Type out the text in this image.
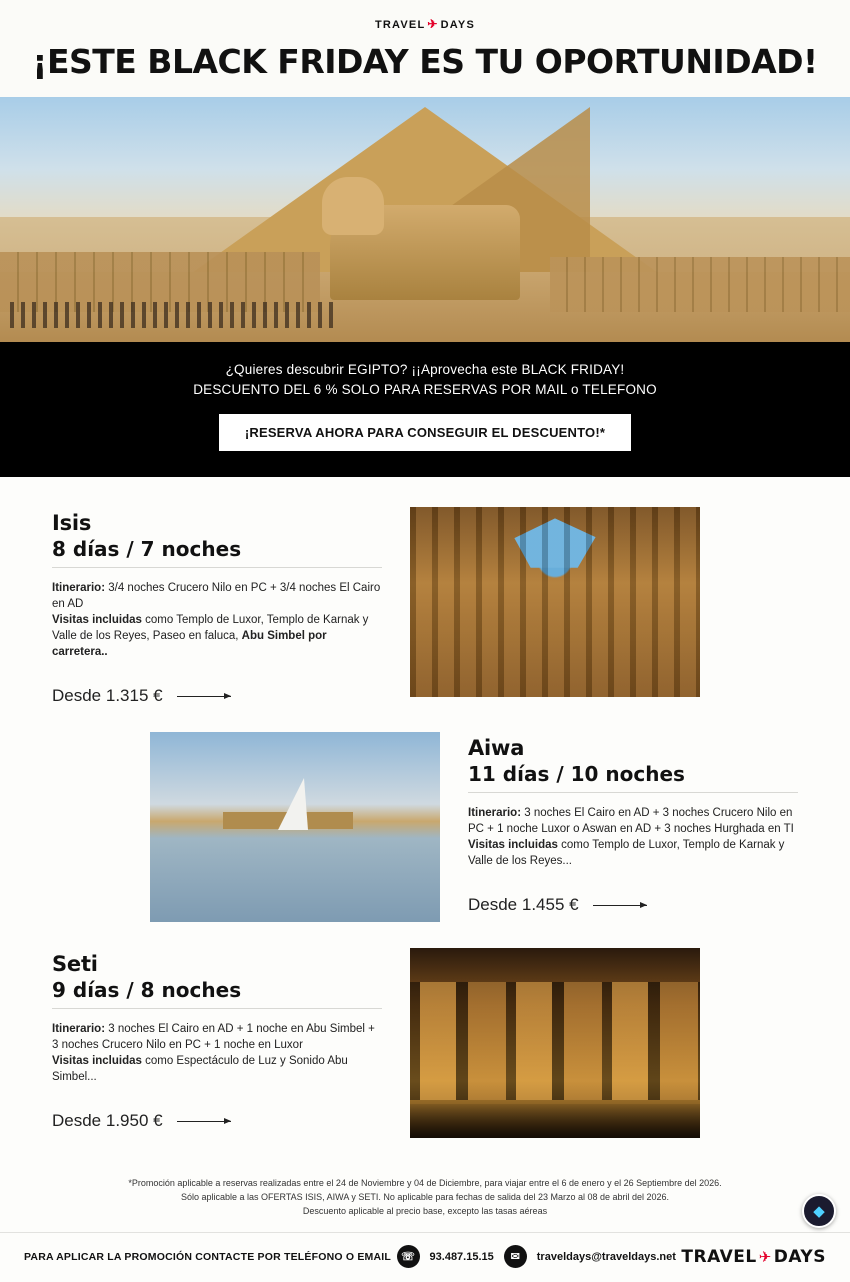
TRAVEL ✈ DAYS
¡ESTE BLACK FRIDAY ES TU OPORTUNIDAD!

¿Quieres descubrir EGIPTO? ¡¡Aprovecha este BLACK FRIDAY!

DESCUENTO DEL 6 % SOLO PARA RESERVAS POR MAIL o TELEFONO

¡RESERVA AHORA PARA CONSEGUIR EL DESCUENTO!*
Isis
8 días / 7 noches
Itinerario: 3/4 noches Crucero Nilo en PC + 3/4 noches El Cairo en AD
Visitas incluidas como Templo de Luxor, Templo de Karnak y Valle de los Reyes, Paseo en faluca, Abu Simbel por carretera..
Desde 1.315 €
Aiwa
11 días / 10 noches
Itinerario: 3 noches El Cairo en AD + 3 noches Crucero Nilo en PC + 1 noche Luxor o Aswan en AD + 3 noches Hurghada en TI
Visitas incluidas como Templo de Luxor, Templo de Karnak y Valle de los Reyes...
Desde 1.455 €
Seti
9 días / 8 noches
Itinerario: 3 noches El Cairo en AD + 1 noche en Abu Simbel + 3 noches Crucero Nilo en PC + 1 noche en Luxor
Visitas incluidas como Espectáculo de Luz y Sonido Abu Simbel...
Desde 1.950 €
*Promoción aplicable a reservas realizadas entre el 24 de Noviembre y 04 de Diciembre, para viajar entre el 6 de enero y el 26 Septiembre del 2026.
Sólo aplicable a las OFERTAS ISIS, AIWA y SETI. No aplicable para fechas de salida del 23 Marzo al 08 de abril del 2026.
Descuento aplicable al precio base, excepto las tasas aéreas
PARA APLICAR LA PROMOCIÓN CONTACTE POR TELÉFONO O EMAIL ☏	93.487.15.15	✉	traveldays@traveldays.net TRAVEL ✈ DAYS
◆
